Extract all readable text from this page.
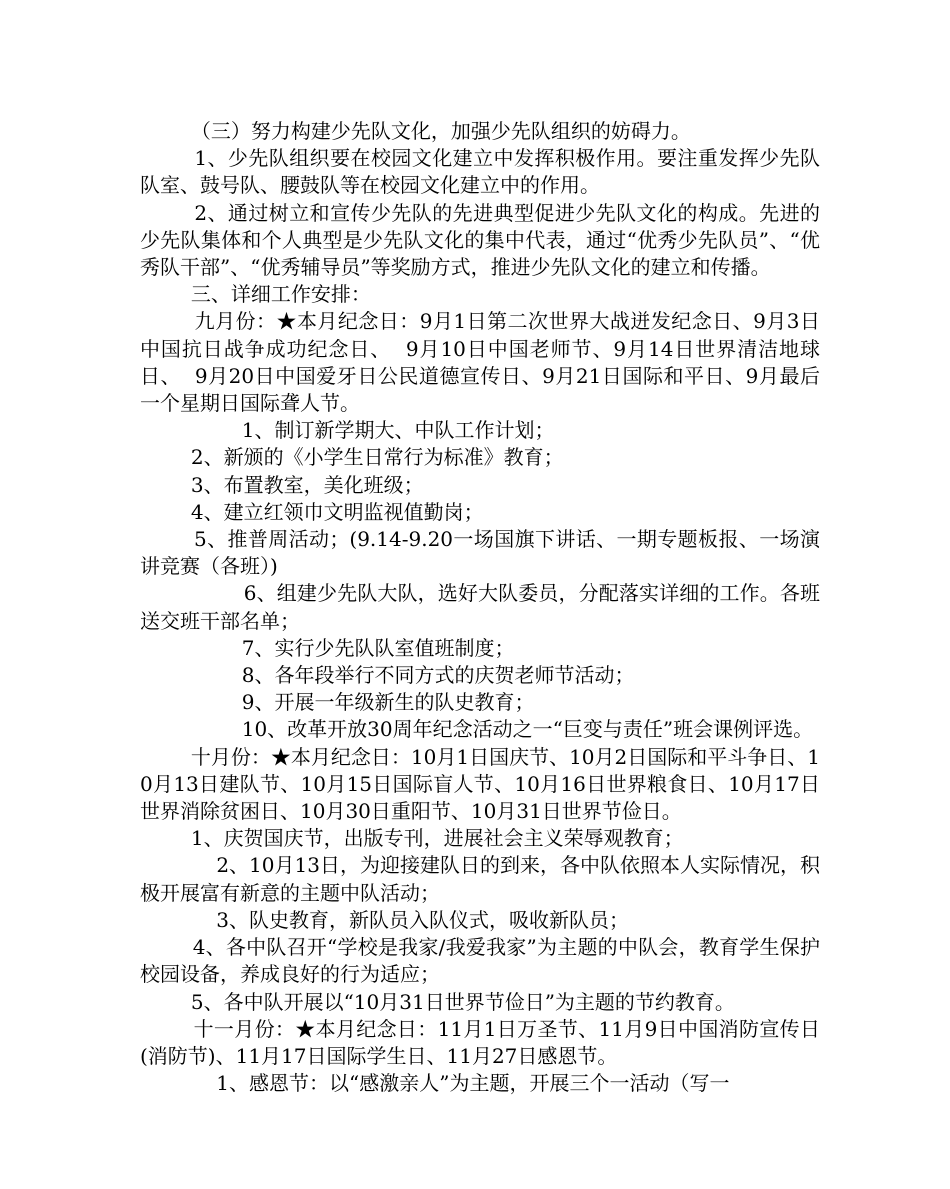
（三）努力构建少先队文化，加强少先队组织的妨碍力。

1、少先队组织要在校园文化建立中发挥积极作用。要注重发挥少先队队室、鼓号队、腰鼓队等在校园文化建立中的作用。

2、通过树立和宣传少先队的先进典型促进少先队文化的构成。先进的少先队集体和个人典型是少先队文化的集中代表，通过“优秀少先队员”、“优秀队干部”、“优秀辅导员”等奖励方式，推进少先队文化的建立和传播。

三、详细工作安排：

九月份：★本月纪念日：9月1日第二次世界大战迸发纪念日、9月3日中国抗日战争成功纪念日、  9月10日中国老师节、9月14日世界清洁地球日、  9月20日中国爱牙日公民道德宣传日、9月21日国际和平日、9月最后一个星期日国际聋人节。

1、制订新学期大、中队工作计划；

2、新颁的《小学生日常行为标准》教育；

3、布置教室，美化班级；

4、建立红领巾文明监视值勤岗；

5、推普周活动；(9.14-9.20一场国旗下讲话、一期专题板报、一场演讲竞赛（各班）)

6、组建少先队大队，选好大队委员，分配落实详细的工作。各班送交班干部名单；

7、实行少先队队室值班制度；

8、各年段举行不同方式的庆贺老师节活动；

9、开展一年级新生的队史教育；

10、改革开放30周年纪念活动之一“巨变与责任”班会课例评选。

十月份：★本月纪念日：10月1日国庆节、10月2日国际和平斗争日、10月13日建队节、10月15日国际盲人节、10月16日世界粮食日、10月17日世界消除贫困日、10月30日重阳节、10月31日世界节俭日。

1、庆贺国庆节，出版专刊，进展社会主义荣辱观教育；

2、10月13日，为迎接建队日的到来，各中队依照本人实际情况，积极开展富有新意的主题中队活动；

3、队史教育，新队员入队仪式，吸收新队员；

4、各中队召开“学校是我家/我爱我家”为主题的中队会，教育学生保护校园设备，养成良好的行为适应；

5、各中队开展以“10月31日世界节俭日”为主题的节约教育。

十一月份：★本月纪念日：11月1日万圣节、11月9日中国消防宣传日(消防节)、11月17日国际学生日、11月27日感恩节。

1、感恩节：以“感激亲人”为主题，开展三个一活动（写一
